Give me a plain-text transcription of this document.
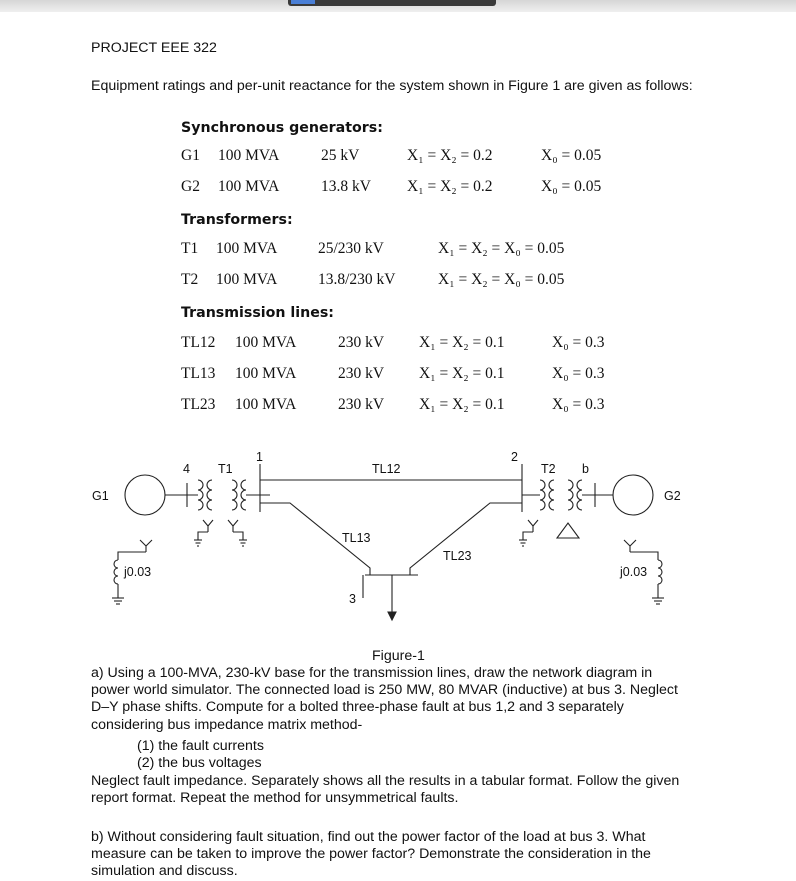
PROJECT EEE 322
Equipment ratings and per-unit reactance for the system shown in Figure 1 are given as follows:
Synchronous generators:
G1 100 MVA	25 kV	X₁ = X₂ = 0.2	X₀ = 0.05
G2 100 MVA	13.8 kV X₁ = X₂ = 0.2	X₀ = 0.05
Transformers:
T1 100 MVA	25/230 kV	X₁ = X₂ = X₀ = 0.05
T2 100 MVA	13.8/230 kV	X₁ = X₂ = X₀ = 0.05
Transmission lines:
TL12 100 MVA	230 kV X₁ = X₂ = 0.1	X₀ = 0.3
TL13 100 MVA	230 kV X₁ = X₂ = 0.1	X₀ = 0.3
TL23 100 MVA	230 kV X₁ = X₂ = 0.1	X₀ = 0.3
G1
4 T1
1
j0.03
TL12
TL13
TL23
3
2
T2 b
G2
j0.03
Figure-1
a) Using a 100-MVA, 230-kV base for the transmission lines, draw the network diagram in power world simulator. The connected load is 250 MW, 80 MVAR (inductive) at bus 3. Neglect D–Y phase shifts. Compute for a bolted three-phase fault at bus 1,2 and 3 separately considering bus impedance matrix method-
(1) the fault currents
(2) the bus voltages
Neglect fault impedance. Separately shows all the results in a tabular format. Follow the given report format. Repeat the method for unsymmetrical faults.
b) Without considering fault situation, find out the power factor of the load at bus 3. What measure can be taken to improve the power factor? Demonstrate the consideration in the simulation and discuss.
